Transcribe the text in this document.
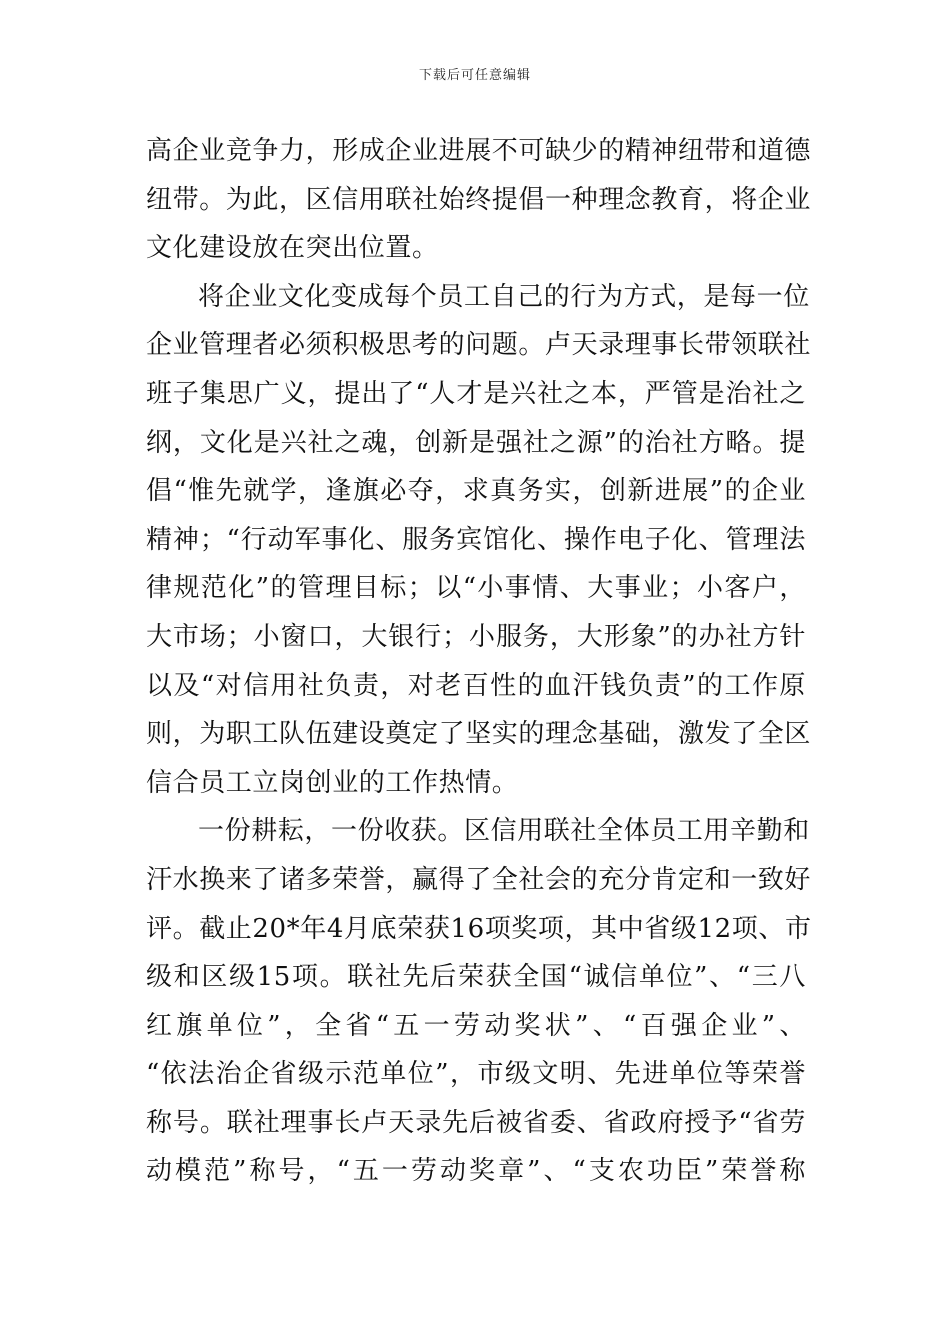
下载后可任意编辑
高企业竞争力，形成企业进展不可缺少的精神纽带和道德
纽带。为此，区信用联社始终提倡一种理念教育，将企业
文化建设放在突出位置。
将企业文化变成每个员工自己的行为方式，是每一位
企业管理者必须积极思考的问题。卢天录理事长带领联社
班子集思广义，提出了“人才是兴社之本，严管是治社之
纲，文化是兴社之魂，创新是强社之源”的治社方略。提
倡“惟先就学，逢旗必夺，求真务实，创新进展”的企业
精神；“行动军事化、服务宾馆化、操作电子化、管理法
律规范化”的管理目标；以“小事情、大事业；小客户，
大市场；小窗口，大银行；小服务，大形象”的办社方针
以及“对信用社负责，对老百性的血汗钱负责”的工作原
则，为职工队伍建设奠定了坚实的理念基础，激发了全区
信合员工立岗创业的工作热情。
一份耕耘，一份收获。区信用联社全体员工用辛勤和
汗水换来了诸多荣誉，赢得了全社会的充分肯定和一致好
评。截止20*年4月底荣获16项奖项，其中省级12项、市
级和区级15项。联社先后荣获全国“诚信单位”、“三八
红旗单位”，全省“五一劳动奖状”、“百强企业”、
“依法治企省级示范单位”，市级文明、先进单位等荣誉
称号。联社理事长卢天录先后被省委、省政府授予“省劳
动模范”称号，“五一劳动奖章”、“支农功臣”荣誉称
